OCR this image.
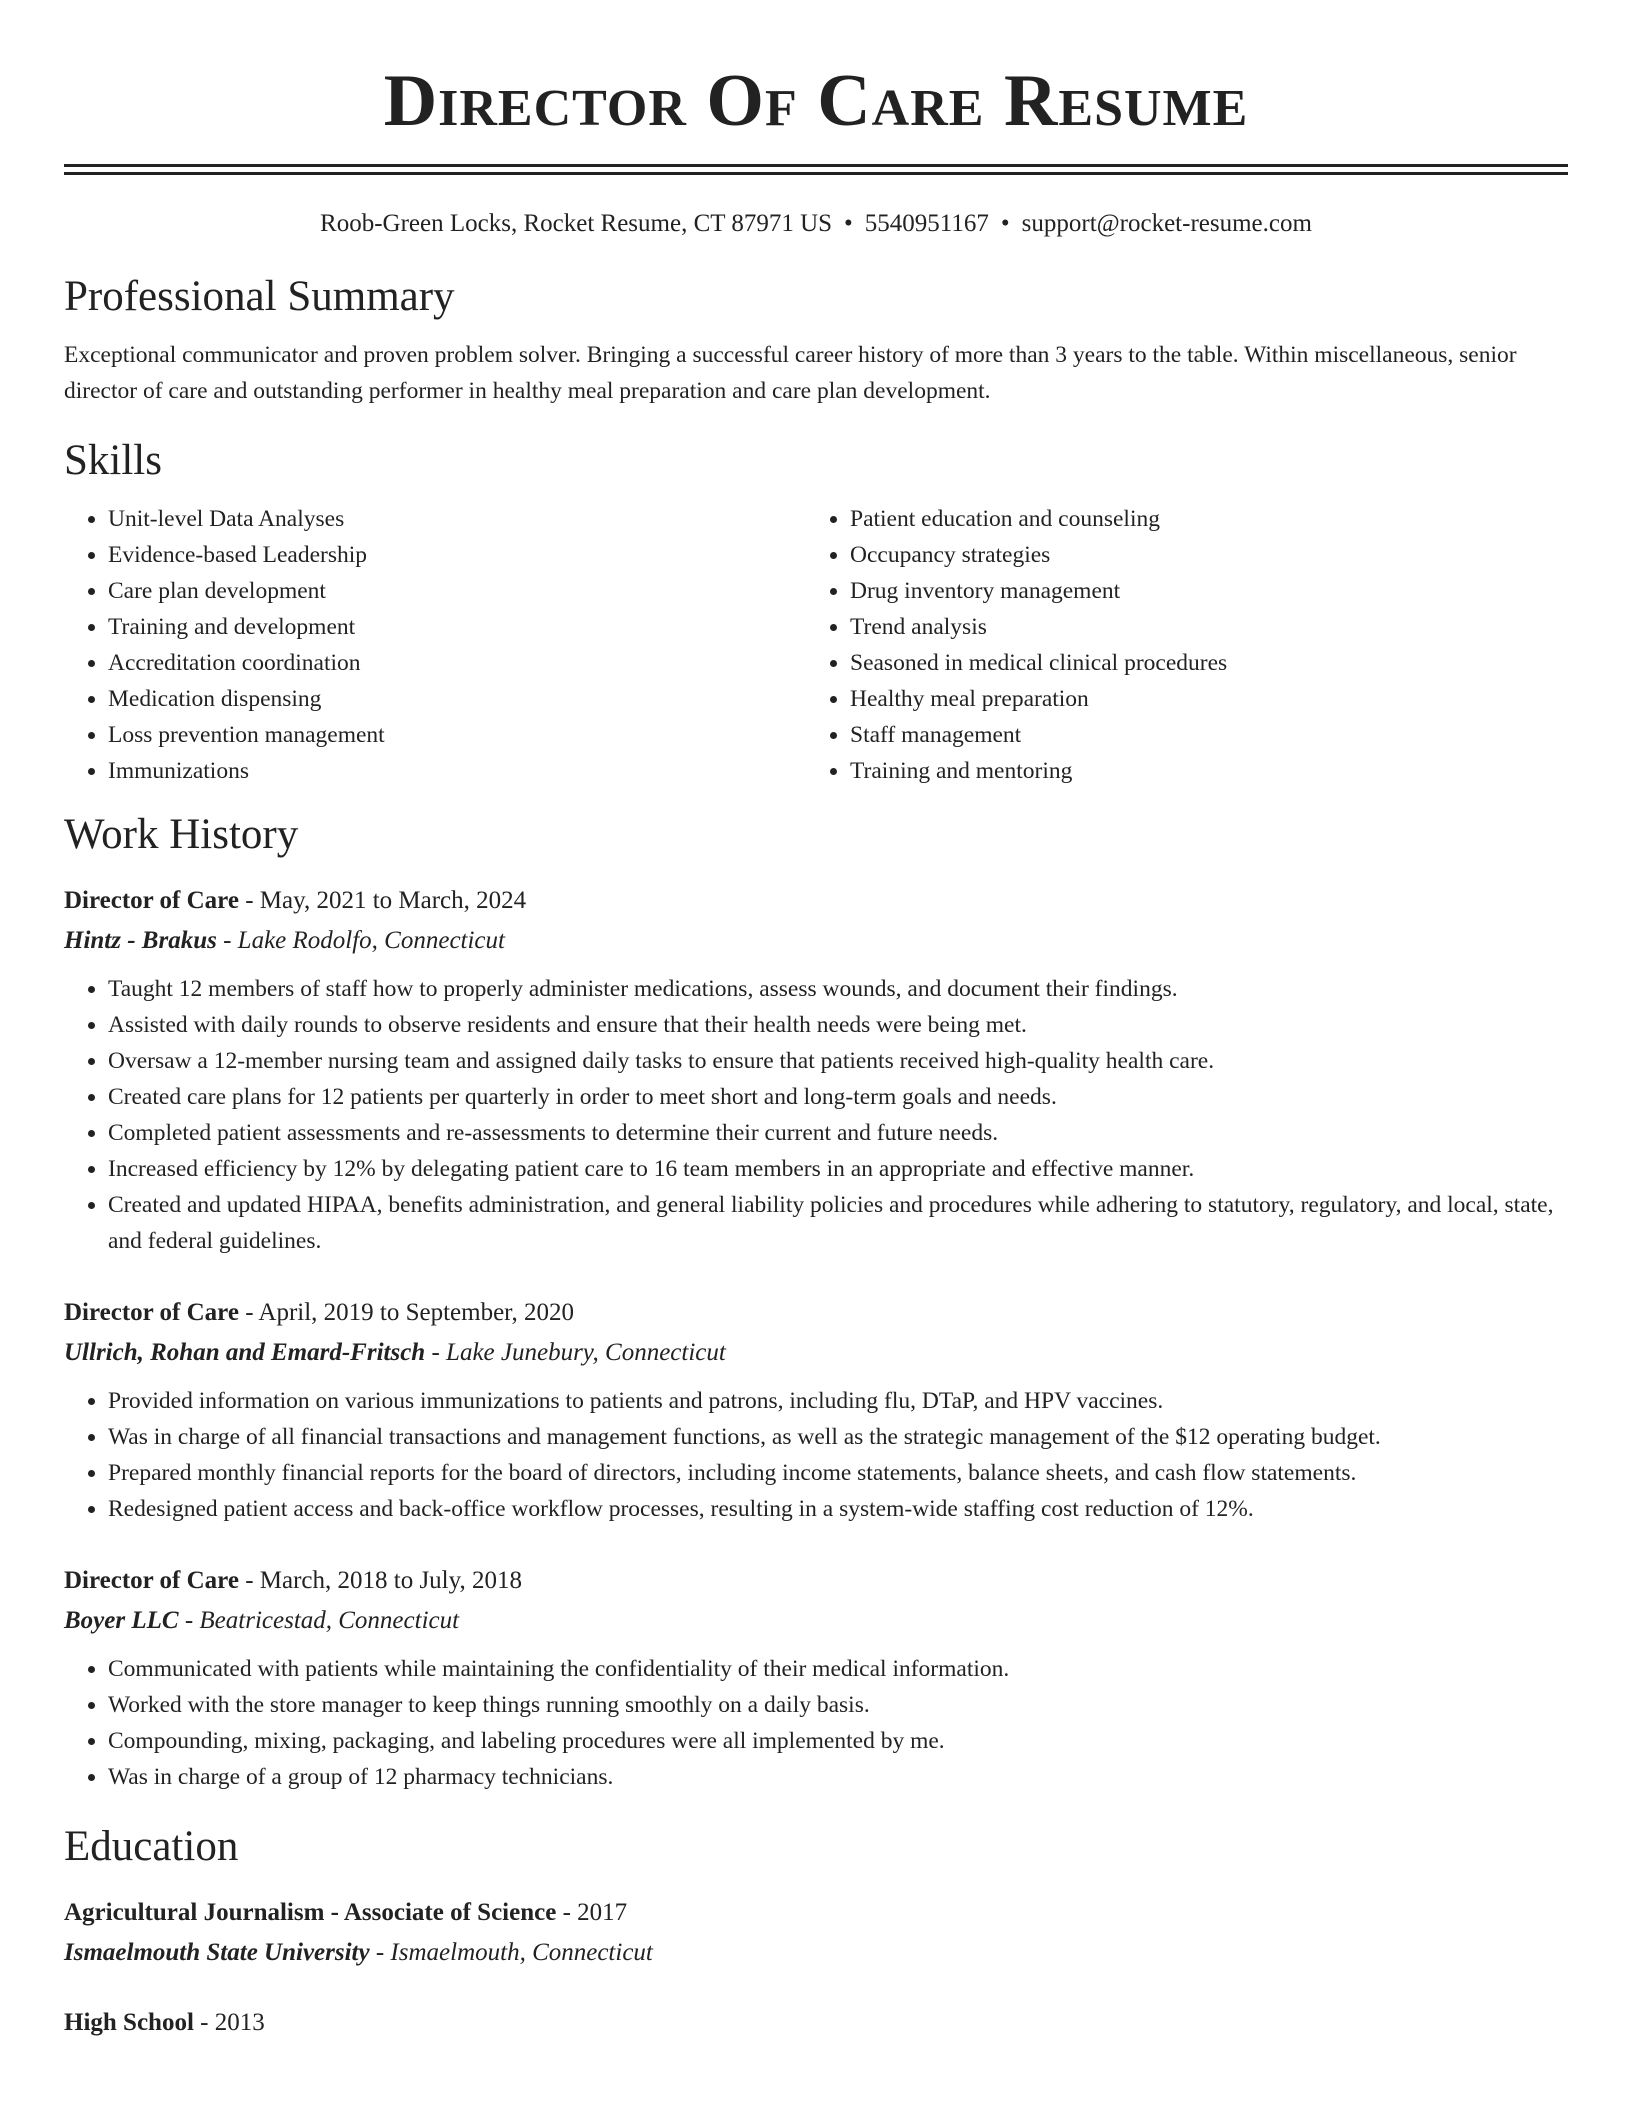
Director Of Care Resume
Roob-Green Locks, Rocket Resume, CT 87971 US • 5540951167 • support@rocket-resume.com
Professional Summary

Exceptional communicator and proven problem solver. Bringing a successful career history of more than 3 years to the table. Within miscellaneous, senior director of care and outstanding performer in healthy meal preparation and care plan development.

Skills
• Unit-level Data Analyses
• Evidence-based Leadership
• Care plan development
• Training and development
• Accreditation coordination
• Medication dispensing
• Loss prevention management
• Immunizations
• Patient education and counseling
• Occupancy strategies
• Drug inventory management
• Trend analysis
• Seasoned in medical clinical procedures
• Healthy meal preparation
• Staff management
• Training and mentoring
Work History
Director of Care - May, 2021 to March, 2024
Hintz - Brakus - Lake Rodolfo, Connecticut
• Taught 12 members of staff how to properly administer medications, assess wounds, and document their findings.
• Assisted with daily rounds to observe residents and ensure that their health needs were being met.
• Oversaw a 12-member nursing team and assigned daily tasks to ensure that patients received high-quality health care.
• Created care plans for 12 patients per quarterly in order to meet short and long-term goals and needs.
• Completed patient assessments and re-assessments to determine their current and future needs.
• Increased efficiency by 12% by delegating patient care to 16 team members in an appropriate and effective manner.
• Created and updated HIPAA, benefits administration, and general liability policies and procedures while adhering to statutory, regulatory, and local, state, and federal guidelines.
Director of Care - April, 2019 to September, 2020
Ullrich, Rohan and Emard-Fritsch - Lake Junebury, Connecticut
• Provided information on various immunizations to patients and patrons, including flu, DTaP, and HPV vaccines.
• Was in charge of all financial transactions and management functions, as well as the strategic management of the $12 operating budget.
• Prepared monthly financial reports for the board of directors, including income statements, balance sheets, and cash flow statements.
• Redesigned patient access and back-office workflow processes, resulting in a system-wide staffing cost reduction of 12%.
Director of Care - March, 2018 to July, 2018
Boyer LLC - Beatricestad, Connecticut
• Communicated with patients while maintaining the confidentiality of their medical information.
• Worked with the store manager to keep things running smoothly on a daily basis.
• Compounding, mixing, packaging, and labeling procedures were all implemented by me.
• Was in charge of a group of 12 pharmacy technicians.
Education
Agricultural Journalism - Associate of Science - 2017
Ismaelmouth State University - Ismaelmouth, Connecticut
High School - 2013
